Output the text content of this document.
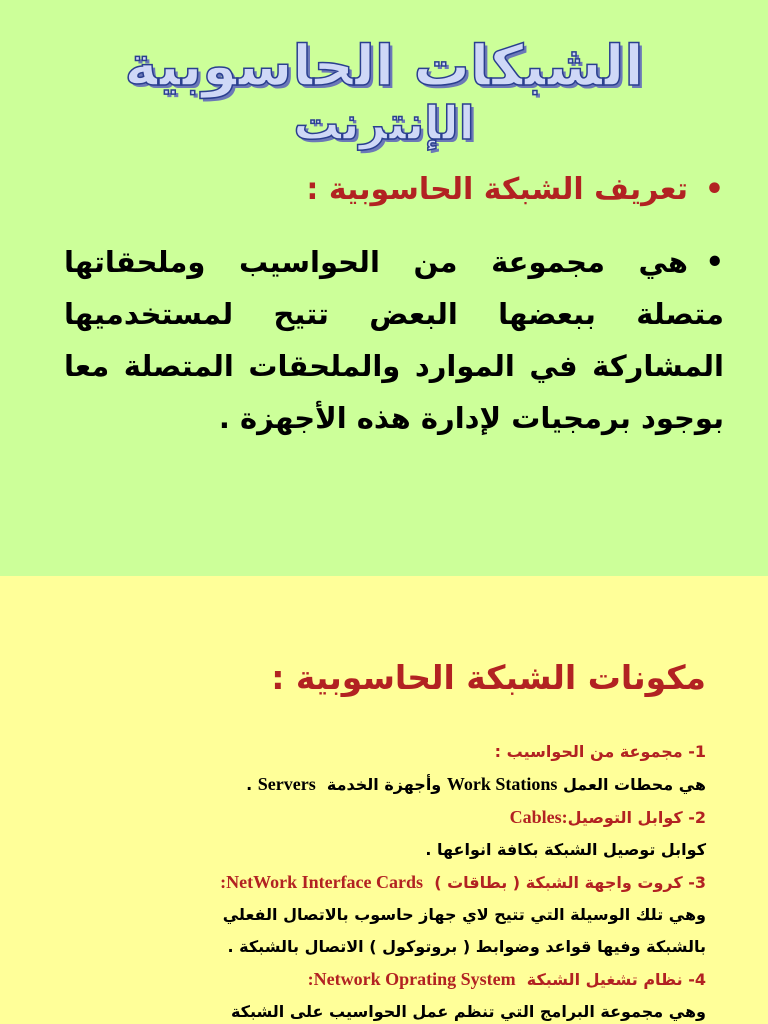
الشبكات الحاسوبية
الإنترنت
•تعريف الشبكة الحاسوبية :
•هي مجموعة من الحواسيب وملحقاتها متصلة ببعضها البعض تتيح لمستخدميها المشاركة في الموارد والملحقات المتصلة معا بوجود برمجيات لإدارة هذه الأجهزة .
مكونات الشبكة الحاسوبية :
1- مجموعة من الحواسيب :
هي محطات العمل Work Stations وأجهزة الخدمة  Servers .
2- كوابل التوصيلCables:
كوابل توصيل الشبكة بكافة انواعها .
3- كروت واجهة الشبكة ( بطاقات )  :NetWork Interface Cards
وهي تلك الوسيلة التي تتيح لاي جهاز حاسوب بالاتصال الفعلي
بالشبكة وفيها قواعد وضوابط ( بروتوكول ) الاتصال بالشبكة .
4- نظام تشغيل الشبكة  :Network Oprating System
وهي مجموعة البرامج التي تنظم عمل الحواسيب على الشبكة
